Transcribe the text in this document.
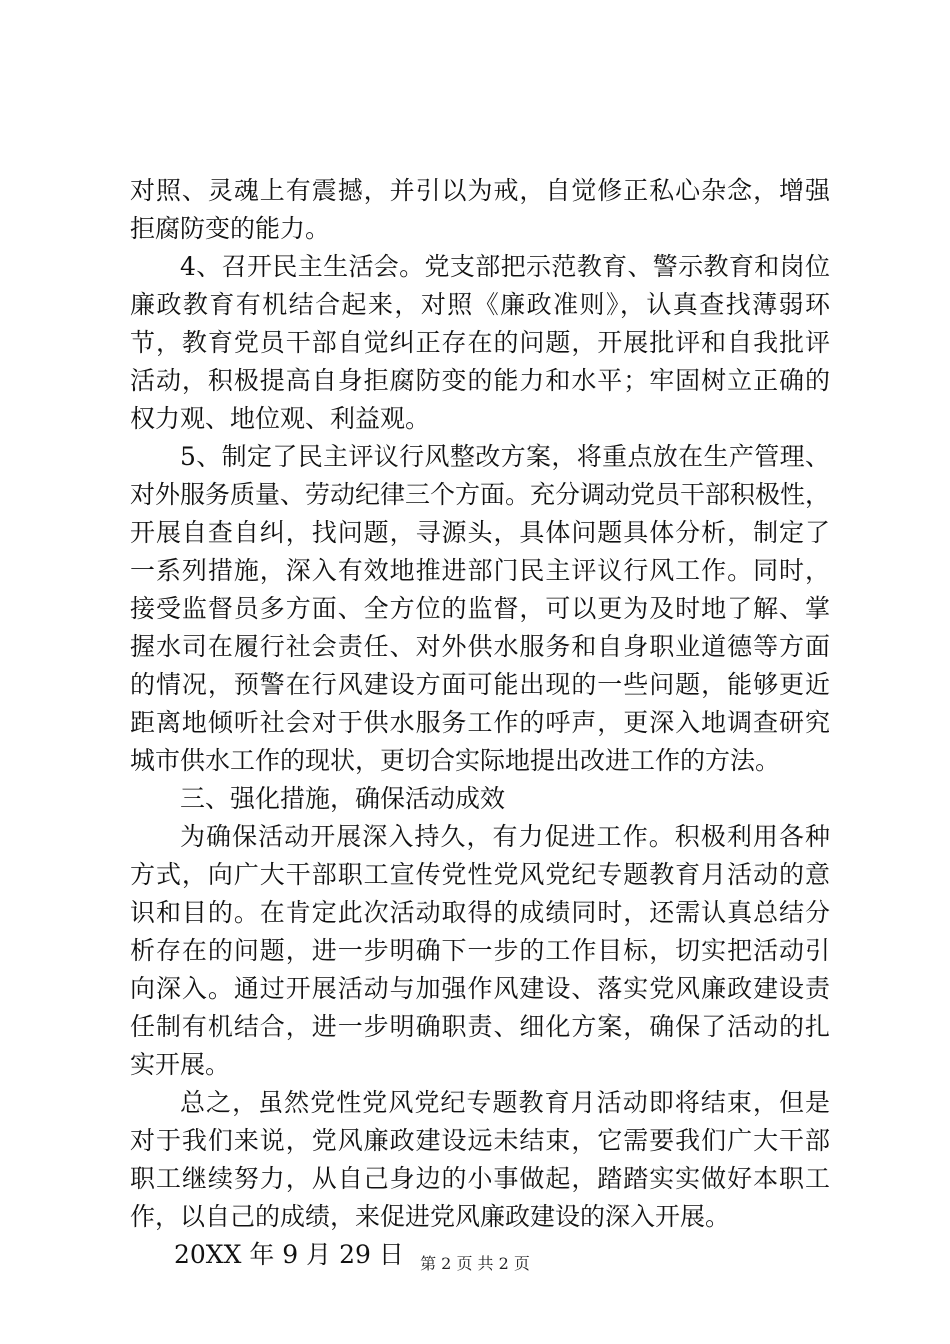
对照、灵魂上有震撼，并引以为戒，自觉修正私心杂念，增强
拒腐防变的能力。
4、召开民主生活会。党支部把示范教育、警示教育和岗位
廉政教育有机结合起来，对照《廉政准则》，认真查找薄弱环
节，教育党员干部自觉纠正存在的问题，开展批评和自我批评
活动，积极提高自身拒腐防变的能力和水平；牢固树立正确的
权力观、地位观、利益观。
5、制定了民主评议行风整改方案，将重点放在生产管理、
对外服务质量、劳动纪律三个方面。充分调动党员干部积极性，
开展自查自纠，找问题，寻源头，具体问题具体分析，制定了
一系列措施，深入有效地推进部门民主评议行风工作。同时，
接受监督员多方面、全方位的监督，可以更为及时地了解、掌
握水司在履行社会责任、对外供水服务和自身职业道德等方面
的情况，预警在行风建设方面可能出现的一些问题，能够更近
距离地倾听社会对于供水服务工作的呼声，更深入地调查研究
城市供水工作的现状，更切合实际地提出改进工作的方法。
三、强化措施，确保活动成效
为确保活动开展深入持久，有力促进工作。积极利用各种
方式，向广大干部职工宣传党性党风党纪专题教育月活动的意
识和目的。在肯定此次活动取得的成绩同时，还需认真总结分
析存在的问题，进一步明确下一步的工作目标，切实把活动引
向深入。通过开展活动与加强作风建设、落实党风廉政建设责
任制有机结合，进一步明确职责、细化方案，确保了活动的扎
实开展。
总之，虽然党性党风党纪专题教育月活动即将结束，但是
对于我们来说，党风廉政建设远未结束，它需要我们广大干部
职工继续努力，从自己身边的小事做起，踏踏实实做好本职工
作，以自己的成绩，来促进党风廉政建设的深入开展。
20XX 年 9 月 29 日	第 2 页 共 2 页
